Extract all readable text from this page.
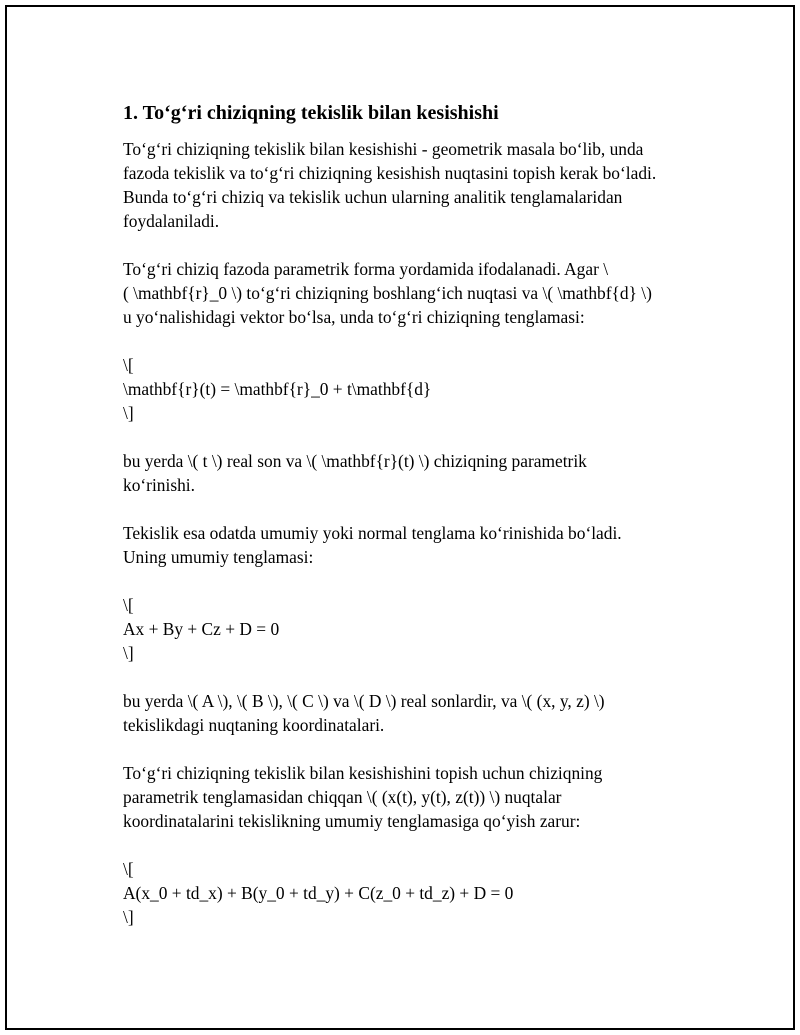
1. To‘g‘ri chiziqning tekislik bilan kesishishi

To‘g‘ri chiziqning tekislik bilan kesishishi - geometrik masala bo‘lib, unda
fazoda tekislik va to‘g‘ri chiziqning kesishish nuqtasini topish kerak bo‘ladi.
Bunda to‘g‘ri chiziq va tekislik uchun ularning analitik tenglamalaridan
foydalaniladi.

To‘g‘ri chiziq fazoda parametrik forma yordamida ifodalanadi. Agar \
( \mathbf{r}_0 \) to‘g‘ri chiziqning boshlang‘ich nuqtasi va \( \mathbf{d} \)
u yo‘nalishidagi vektor bo‘lsa, unda to‘g‘ri chiziqning tenglamasi:

\[
\mathbf{r}(t) = \mathbf{r}_0 + t\mathbf{d}
\]

bu yerda \( t \) real son va \( \mathbf{r}(t) \) chiziqning parametrik
ko‘rinishi.

Tekislik esa odatda umumiy yoki normal tenglama ko‘rinishida bo‘ladi.
Uning umumiy tenglamasi:

\[
Ax + By + Cz + D = 0
\]

bu yerda \( A \), \( B \), \( C \) va \( D \) real sonlardir, va \( (x, y, z) \)
tekislikdagi nuqtaning koordinatalari.

To‘g‘ri chiziqning tekislik bilan kesishishini topish uchun chiziqning
parametrik tenglamasidan chiqqan \( (x(t), y(t), z(t)) \) nuqtalar
koordinatalarini tekislikning umumiy tenglamasiga qo‘yish zarur:

\[
A(x_0 + td_x) + B(y_0 + td_y) + C(z_0 + td_z) + D = 0
\]
